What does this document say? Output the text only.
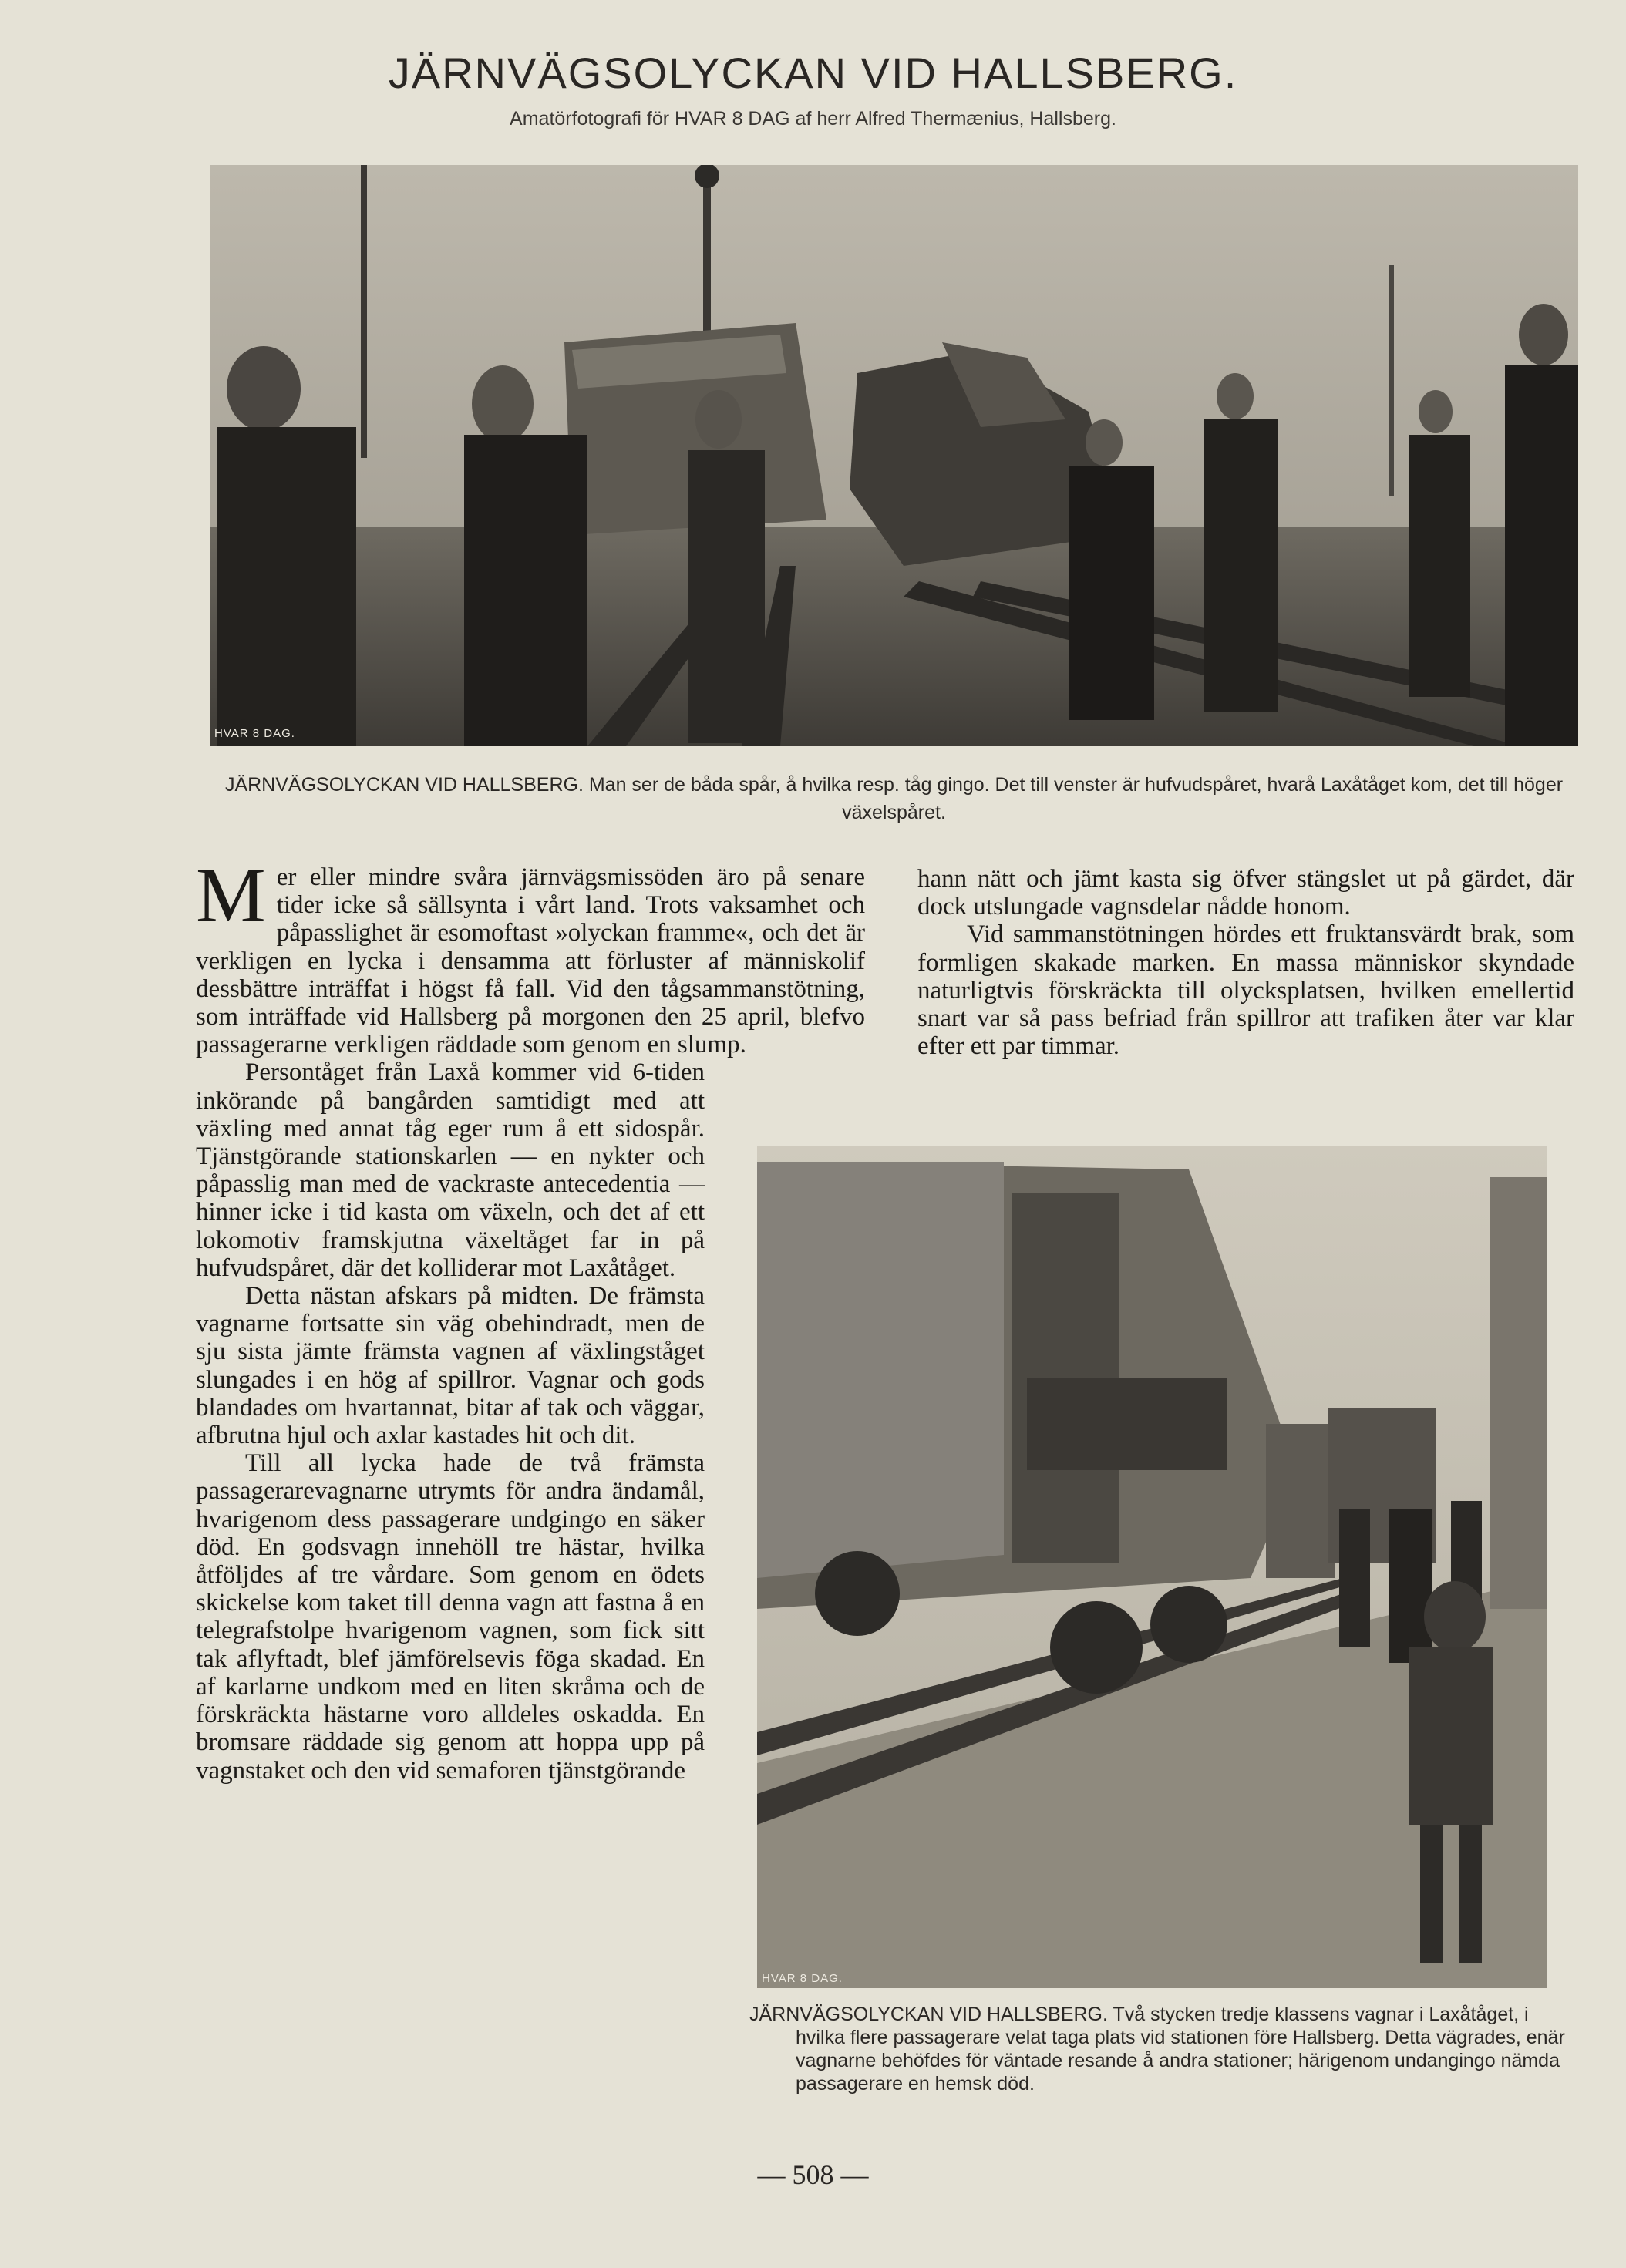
JÄRNVÄGSOLYCKAN VID HALLSBERG.
Amatörfotografi för HVAR 8 DAG af herr Alfred Thermænius, Hallsberg.
HVAR 8 DAG.
JÄRNVÄGSOLYCKAN VID HALLSBERG. Man ser de båda spår, å hvilka resp. tåg gingo. Det till venster är hufvudspåret, hvarå Laxåtåget kom, det till höger växelspåret.

Mer eller mindre svåra järnvägsmissöden äro på senare tider icke så sällsynta i vårt land. Trots vaksamhet och påpasslighet är esomoftast »olyckan framme«, och det är verkligen en lycka i densamma att förluster af människolif dessbättre inträffat i högst få fall. Vid den tågsammanstötning, som inträffade vid Hallsberg på morgonen den 25 april, blefvo passagerarne verkligen räddade som genom en slump.

Persontåget från Laxå kommer vid 6-tiden inkörande på bangården samtidigt med att växling med annat tåg eger rum å ett sidospår. Tjänstgörande stationskarlen — en nykter och påpasslig man med de vackraste antecedentia — hinner icke i tid kasta om växeln, och det af ett lokomotiv framskjutna växeltåget far in på hufvudspåret, där det kolliderar mot Laxåtåget.

Detta nästan afskars på midten. De främsta vagnarne fortsatte sin väg obehindradt, men de sju sista jämte främsta vagnen af växlingståget slungades i en hög af spillror. Vagnar och gods blandades om hvartannat, bitar af tak och väggar, afbrutna hjul och axlar kastades hit och dit.

Till all lycka hade de två främsta passagerarevagnarne utrymts för andra ändamål, hvarigenom dess passagerare undgingo en säker död. En godsvagn innehöll tre hästar, hvilka åtföljdes af tre vårdare. Som genom en ödets skickelse kom taket till denna vagn att fastna å en telegrafstolpe hvarigenom vagnen, som fick sitt tak aflyftadt, blef jämförelsevis föga skadad. En af karlarne undkom med en liten skråma och de förskräckta hästarne voro alldeles oskadda. En bromsare räddade sig genom att hoppa upp på vagnstaket och den vid semaforen tjänstgörande

hann nätt och jämt kasta sig öfver stängslet ut på gärdet, där dock utslungade vagnsdelar nådde honom.

Vid sammanstötningen hördes ett fruktansvärdt brak, som formligen skakade marken. En massa människor skyndade naturligtvis förskräckta till olycksplatsen, hvilken emellertid snart var så pass befriad från spillror att trafiken åter var klar efter ett par timmar.

HVAR 8 DAG.
JÄRNVÄGSOLYCKAN VID HALLSBERG. Två stycken tredje klassens vagnar i Laxåtåget, i hvilka flere passagerare velat taga plats vid stationen före Hallsberg. Detta vägrades, enär vagnarne behöfdes för väntade resande å andra stationer; härigenom undangingo nämda passagerare en hemsk död.
— 508 —
